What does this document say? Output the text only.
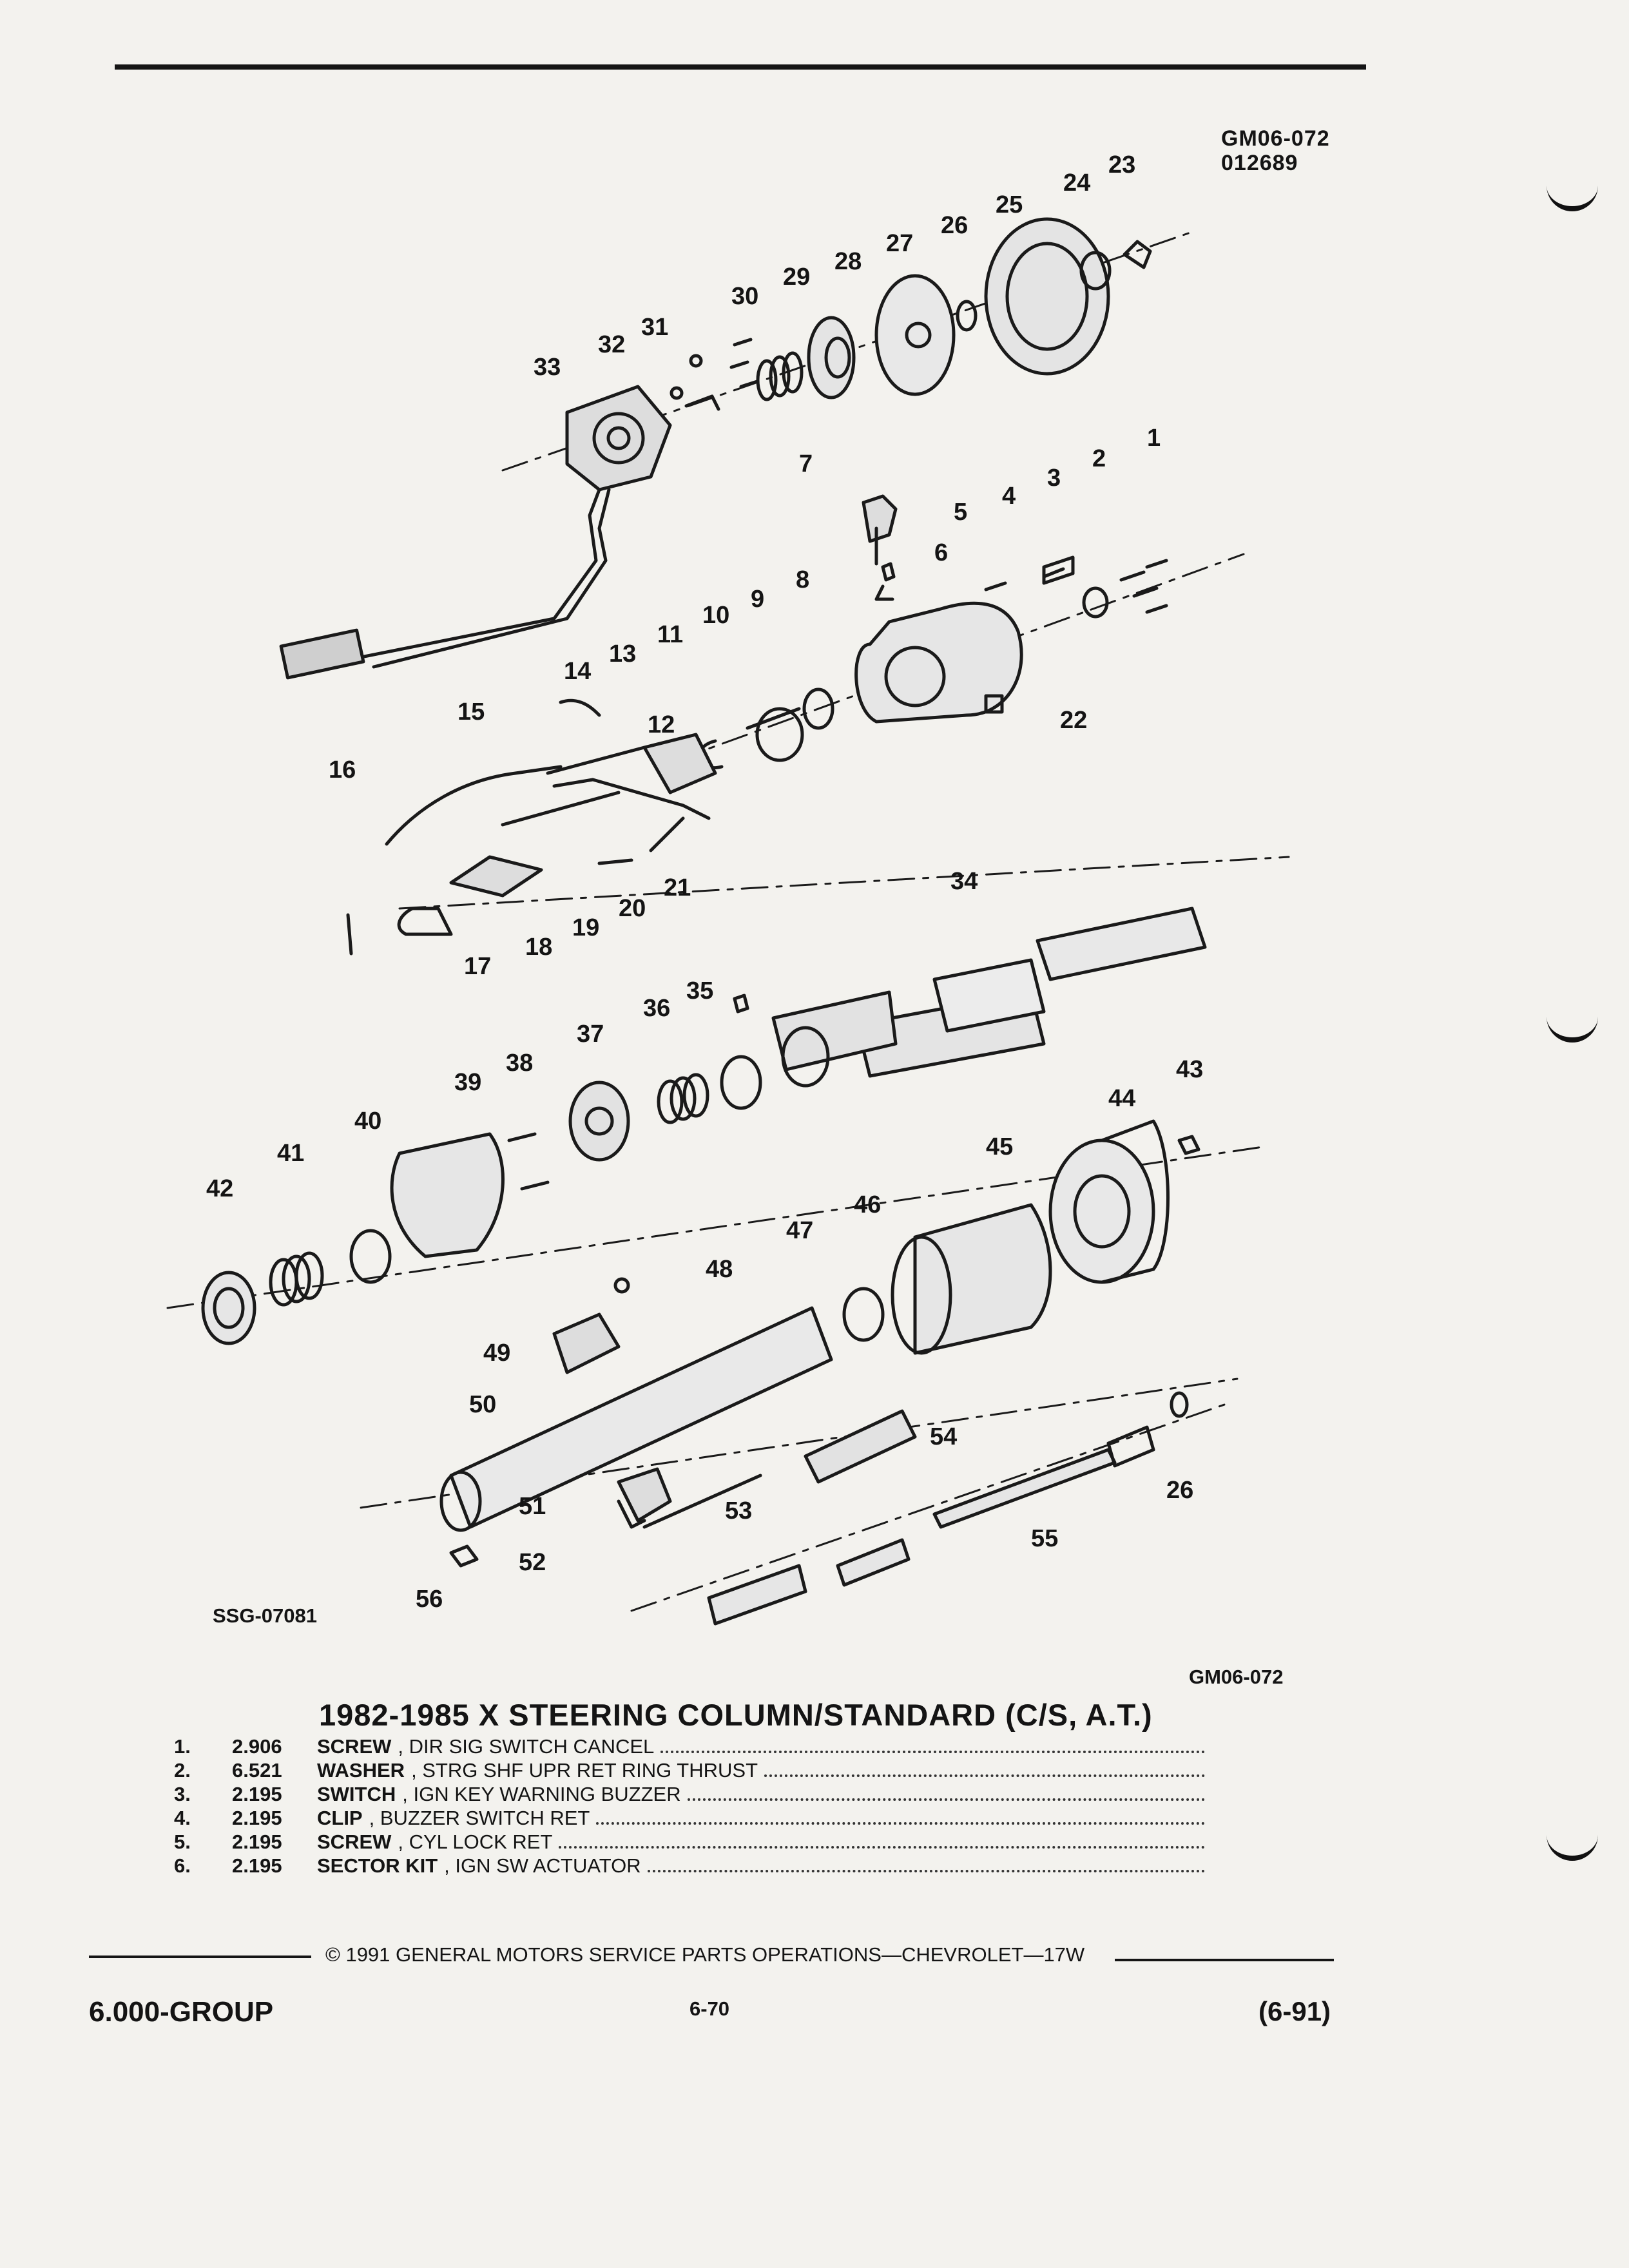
GM06-072
012689
1
2
3
4
5
6
7
8
9
10
11
12
13
14
15
16
17
18
19
20
21
22
23
24
25
26
27
28
29
30
31
32
33
34
35
36
37
38
39
40
41
42
43
44
45
46
47
48
49
50
51
52
53
54
55
26
56
SSG-07081
GM06-072
1982-1985 X STEERING COLUMN/STANDARD (C/S, A.T.)
1.	2.906	SCREW , DIR SIG SWITCH CANCEL
2.	6.521	WASHER , STRG SHF UPR RET RING THRUST
3.	2.195	SWITCH , IGN KEY WARNING BUZZER
4.	2.195	CLIP , BUZZER SWITCH RET
5.	2.195	SCREW , CYL LOCK RET
6.	2.195	SECTOR KIT , IGN SW ACTUATOR
© 1991 GENERAL MOTORS SERVICE PARTS OPERATIONS—CHEVROLET—17W
6.000-GROUP	6-70	(6-91)
